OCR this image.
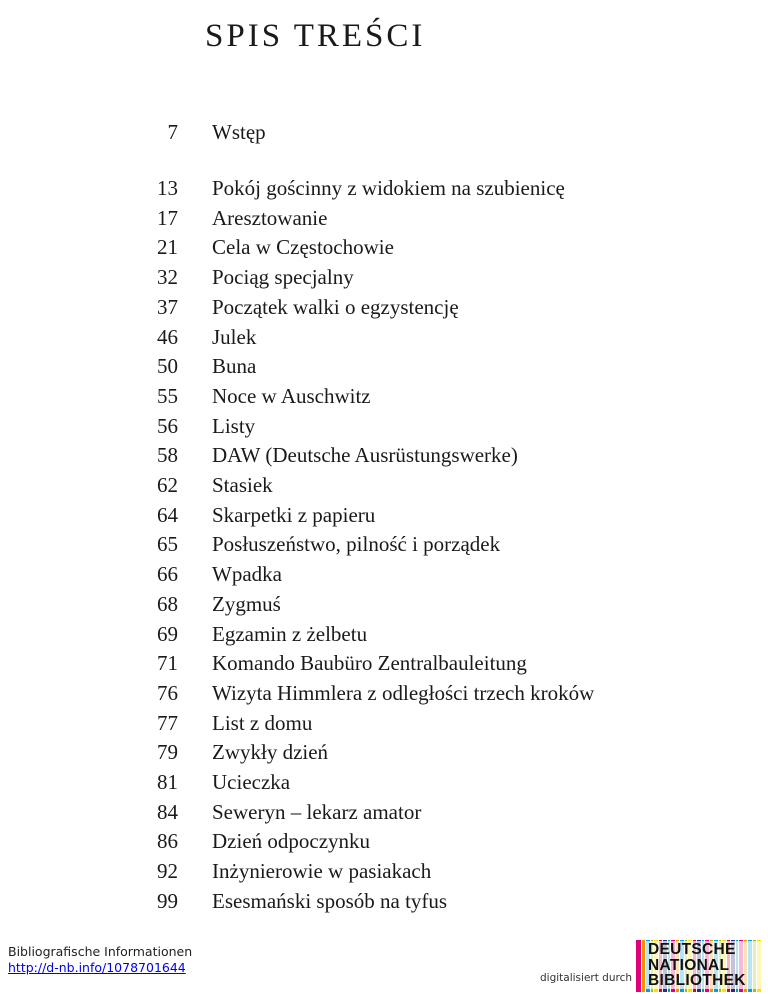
SPIS TREŚCI
7 Wstęp
13 Pokój gościnny z widokiem na szubienicę
17 Aresztowanie
21 Cela w Częstochowie
32 Pociąg specjalny
37 Początek walki o egzystencję
46 Julek
50 Buna
55 Noce w Auschwitz
56 Listy
58 DAW (Deutsche Ausrüstungswerke)
62 Stasiek
64 Skarpetki z papieru
65 Posłuszeństwo, pilność i porządek
66 Wpadka
68 Zygmuś
69 Egzamin z żelbetu
71 Komando Baubüro Zentralbauleitung
76 Wizyta Himmlera z odległości trzech kroków
77 List z domu
79 Zwykły dzień
81 Ucieczka
84 Seweryn – lekarz amator
86 Dzień odpoczynku
92 Inżynierowie w pasiakach
99 Esesmański sposób na tyfus
Bibliografische Informationen
http://d-nb.info/1078701644
digitalisiert durch
DEUTSCHE
NATIONAL
BIBLIOTHEK
